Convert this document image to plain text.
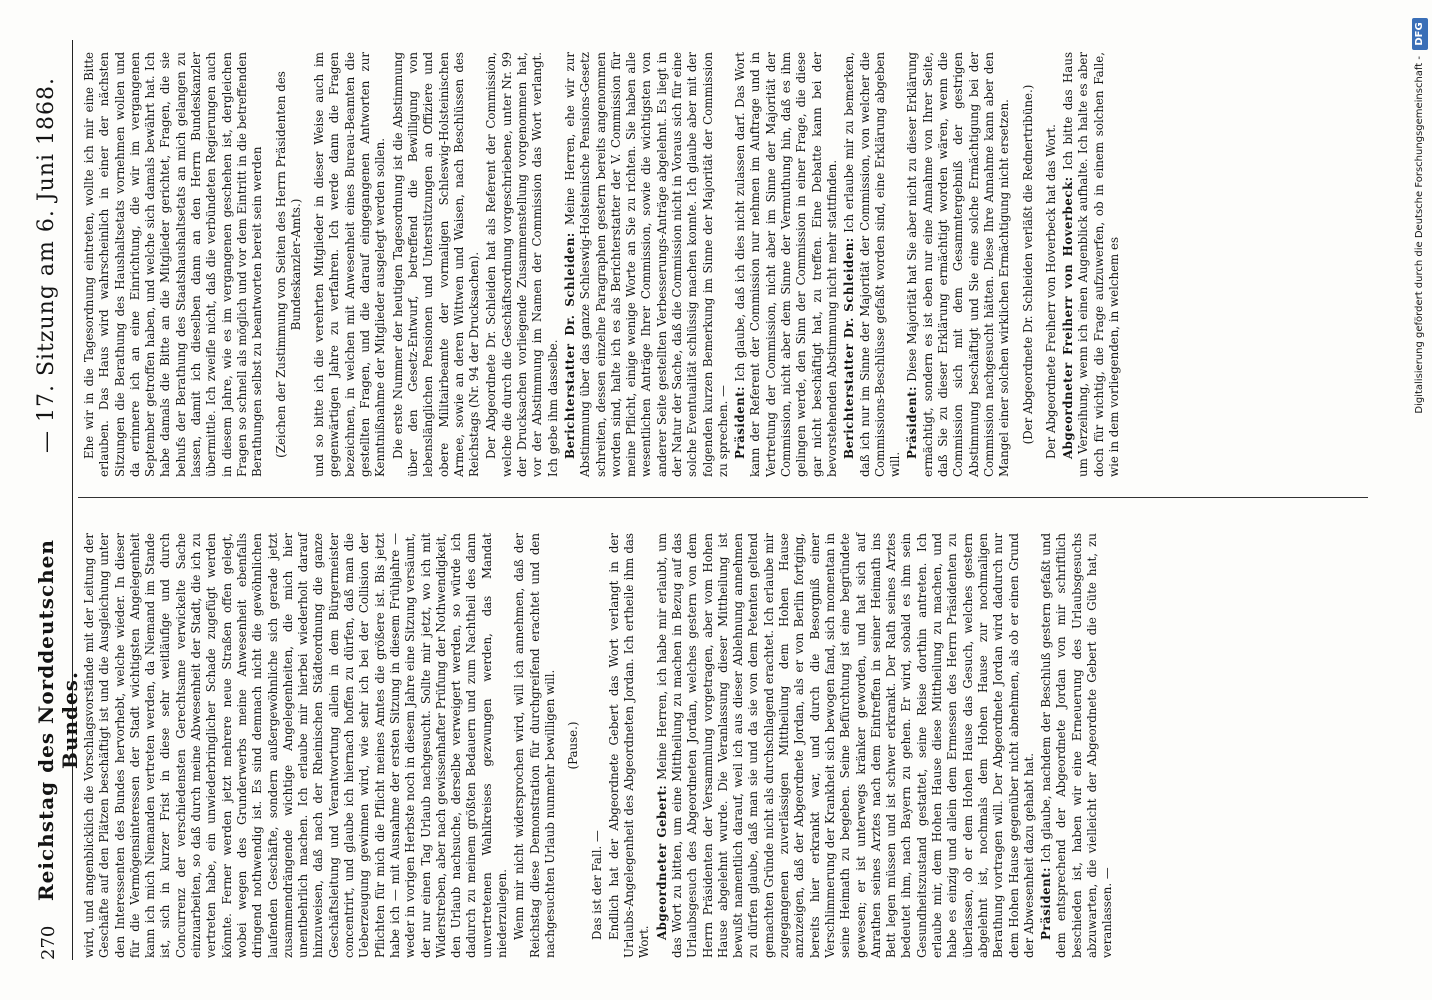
270
Reichstag des Norddeutschen Bundes.
— 17. Sitzung am 6. Juni 1868.

wird, und angenblicklich die Vorschlagsvorstände mit der Leitung der Geschäfte auf den Plätzen beschäftigt ist und die Ausgleichung unter den Interessenten des Bundes hervorhebt, welche wieder. In dieser für die Vermögensinteressen der Stadt wichtigsten Angelegenheit kann ich mich Niemanden vertreten werden, da Niemand im Stande ist, sich in kurzer Frist in diese sehr weitläufige und durch Concurrenz der verschiedensten Gerechtsame verwickelte Sache einzuarbeiten, so daß durch meine Abwesenheit der Stadt, die ich zu vertreten habe, ein unwiederbringlicher Schade zugefügt werden könnte. Ferner werden jetzt mehrere neue Straßen offen gelegt, wobei wegen des Grunderwerbs meine Anwesenheit ebenfalls dringend nothwendig ist. Es sind demnach nicht die gewöhnlichen laufenden Geschäfte, sondern außergewöhnliche sich gerade jetzt zusammendrängende wichtige Angelegenheiten, die mich hier unentbehrlich machen. Ich erlaube mir hierbei wiederholt darauf hinzuweisen, daß nach der Rheinischen Städteordnung die ganze Geschäftsleitung und Verantwortung allein in dem Bürgermeister concentrirt, und glaube ich hiernach hoffen zu dürfen, daß man die Ueberzeugung gewinnen wird, wie sehr ich bei der Collision der Pflichten für mich die Pflicht meines Amtes die größere ist. Bis jetzt habe ich — mit Ausnahme der ersten Sitzung in diesem Frühjahre — weder in vorigen Herbste noch in diesem Jahre eine Sitzung versäumt, der nur einen Tag Urlaub nachgesucht. Sollte mir jetzt, wo ich mit Widerstreben, aber nach gewissenhafter Prüfung der Nothwendigkeit, den Urlaub nachsuche, derselbe verweigert werden, so würde ich dadurch zu meinem größten Bedauern und zum Nachtheil des dann unvertretenen Wahlkreises gezwungen werden, das Mandat niederzulegen. Wenn mir nicht widersprochen wird, will ich annehmen, daß der Reichstag diese Demonstration für durchgreifend erachtet und den nachgesuchten Urlaub nunmehr bewilligen will. (Pause.)

Das ist der Fall. — Endlich hat der Abgeordnete Gebert das Wort verlangt in der Urlaubs-Angelegenheit des Abgeordneten Jordan. Ich ertheile ihm das Wort.

Abgeordneter Gebert: Meine Herren, ich habe mir erlaubt, um das Wort zu bitten, um eine Mittheilung zu machen in Bezug auf das Urlaubsgesuch des Abgeordneten Jordan, welches gestern von dem Herrn Präsidenten der Versammlung vorgetragen, aber vom Hohen Hause abgelehnt wurde. Die Veranlassung dieser Mittheilung ist bewußt namentlich darauf, weil ich aus dieser Ablehnung annehmen zu dürfen glaube, daß man sie und da sie von dem Petenten geltend gemachten Gründe nicht als durchschlagend erachtet. Ich erlaube mir zugegangenen zuverlässigen Mittheilung dem Hohen Hause anzuzeigen, daß der Abgeordnete Jordan, als er von Berlin fortging, bereits hier erkrankt war, und durch die Besorgniß einer Verschlimmerung der Krankheit sich bewogen fand, sich momentan in seine Heimath zu begeben. Seine Befürchtung ist eine begründete gewesen; er ist unterwegs kränker geworden, und hat sich auf Anrathen seines Arztes nach dem Eintreffen in seiner Heimath ins Bett legen müssen und ist schwer erkrankt. Der Rath seines Arztes bedeutet ihm, nach Bayern zu gehen. Er wird, sobald es ihm sein Gesundheitszustand gestattet, seine Reise dorthin antreten. Ich erlaube mir, dem Hohen Hause diese Mittheilung zu machen, und habe es einzig und allein dem Ermessen des Herrn Präsidenten zu überlassen, ob er dem Hohen Hause das Gesuch, welches gestern abgelehnt ist, nochmals dem Hohen Hause zur nochmaligen Berathung vortragen will. Der Abgeordnete Jordan wird dadurch nur dem Hohen Hause gegenüber nicht abnehmen, als ob er einen Grund der Abwesenheit dazu gehabt hat. Präsident: Ich glaube, nachdem der Beschluß gestern gefaßt und dem entsprechend der Abgeordnete Jordan von mir schriftlich beschieden ist, haben wir eine Erneuerung des Urlaubsgesuchs abzuwarten, die vielleicht der Abgeordnete Gebert die Güte hat, zu veranlassen. —

Ehe wir in die Tagesordnung eintreten, wollte ich mir eine Bitte erlauben. Das Haus wird wahrscheinlich in einer der nächsten Sitzungen die Berathung des Haushaltsetats vornehmen wollen und da erinnere ich an eine Einrichtung, die wir im vergangenen September getroffen haben, und welche sich damals bewährt hat. Ich habe damals die Bitte an die Mitglieder gerichtet, Fragen, die sie behufs der Berathung des Staatshaushaltsetats an mich gelangen zu lassen, damit ich dieselben dann an den Herrn Bundeskanzler übermittle. Ich zweifle nicht, daß die verbündeten Regierungen auch in diesem Jahre, wie es im vergangenen geschehen ist, dergleichen Fragen so schnell als möglich und vor dem Eintritt in die betreffenden Berathungen selbst zu beantworten bereit sein werden (Zeichen der Zustimmung von Seiten des Herrn Präsidenten des Bundeskanzler-Amts.) und so bitte ich die verehrten Mitglieder in dieser Weise auch im gegenwärtigen Jahre zu verfahren. Ich werde dann die Fragen bezeichnen, in welchen mit Anwesenheit eines Bureau-Beamten die gestellten Fragen, und die darauf eingegangenen Antworten zur Kenntnißnahme der Mitglieder ausgelegt werden sollen. Die erste Nummer der heutigen Tagesordnung ist die Abstimmung über den Gesetz-Entwurf, betreffend die Bewilligung von lebenslänglichen Pensionen und Unterstützungen an Offiziere und obere Militairbeamte der vormaligen Schleswig-Holsteinischen Armee, sowie an deren Wittwen und Waisen, nach Beschlüssen des Reichstags (Nr. 94 der Drucksachen). Der Abgeordnete Dr. Schleiden hat als Referent der Commission, welche die durch die Geschäftsordnung vorgeschriebene, unter Nr. 99 der Drucksachen vorliegende Zusammenstellung vorgenommen hat, vor der Abstimmung im Namen der Commission das Wort verlangt. Ich gebe ihm dasselbe. Berichterstatter Dr. Schleiden: Meine Herren, ehe wir zur Abstimmung über das ganze Schleswig-Holsteinische Pensions-Gesetz schreiten, dessen einzelne Paragraphen gestern bereits angenommen worden sind, halte ich es als Berichterstatter der V. Commission für meine Pflicht, einige wenige Worte an Sie zu richten. Sie haben alle wesentlichen Anträge Ihrer Commission, sowie die wichtigsten von anderer Seite gestellten Verbesserungs-Anträge abgelehnt. Es liegt in der Natur der Sache, daß die Commission nicht in Voraus sich für eine solche Eventualität schlüssig machen konnte. Ich glaube aber mit der folgenden kurzen Bemerkung im Sinne der Majorität der Commission zu sprechen. — Präsident: Ich glaube, daß ich dies nicht zulassen darf. Das Wort kann der Referent der Commission nur nehmen im Auftrage und in Vertretung der Commission, nicht aber im Sinne der Majorität der Commission, nicht aber dem Sinne der Vermuthung hin, daß es ihm gelingen werde, den Sinn der Commission in einer Frage, die diese gar nicht beschäftigt hat, zu treffen. Eine Debatte kann bei der bevorstehenden Abstimmung nicht mehr stattfinden. Berichterstatter Dr. Schleiden: Ich erlaube mir zu bemerken, daß ich nur im Sinne der Majorität der Commission, von welcher die Commissions-Beschlüsse gefaßt worden sind, eine Erklärung abgeben will.

Präsident: Diese Majorität hat Sie aber nicht zu dieser Erklärung ermächtigt, sondern es ist eben nur eine Annahme von Ihrer Seite, daß Sie zu dieser Erklärung ermächtigt worden wären, wenn die Commission sich mit dem Gesammtergebniß der gestrigen Abstimmung beschäftigt und Sie eine solche Ermächtigung bei der Commission nachgesucht hätten. Diese Ihre Annahme kann aber den Mangel einer solchen wirklichen Ermächtigung nicht ersetzen. (Der Abgeordnete Dr. Schleiden verläßt die Rednertribüne.) Der Abgeordnete Freiherr von Hoverbeck hat das Wort. Abgeordneter Freiherr von Hoverbeck: Ich bitte das Haus um Verzeihung, wenn ich einen Augenblick aufhalte. Ich halte es aber doch für wichtig, die Frage aufzuwerfen, ob in einem solchen Falle, wie in dem vorliegenden, in welchem es	Digitalisierung gefördert durch die Deutsche Forschungsgemeinschaft -
DFG
